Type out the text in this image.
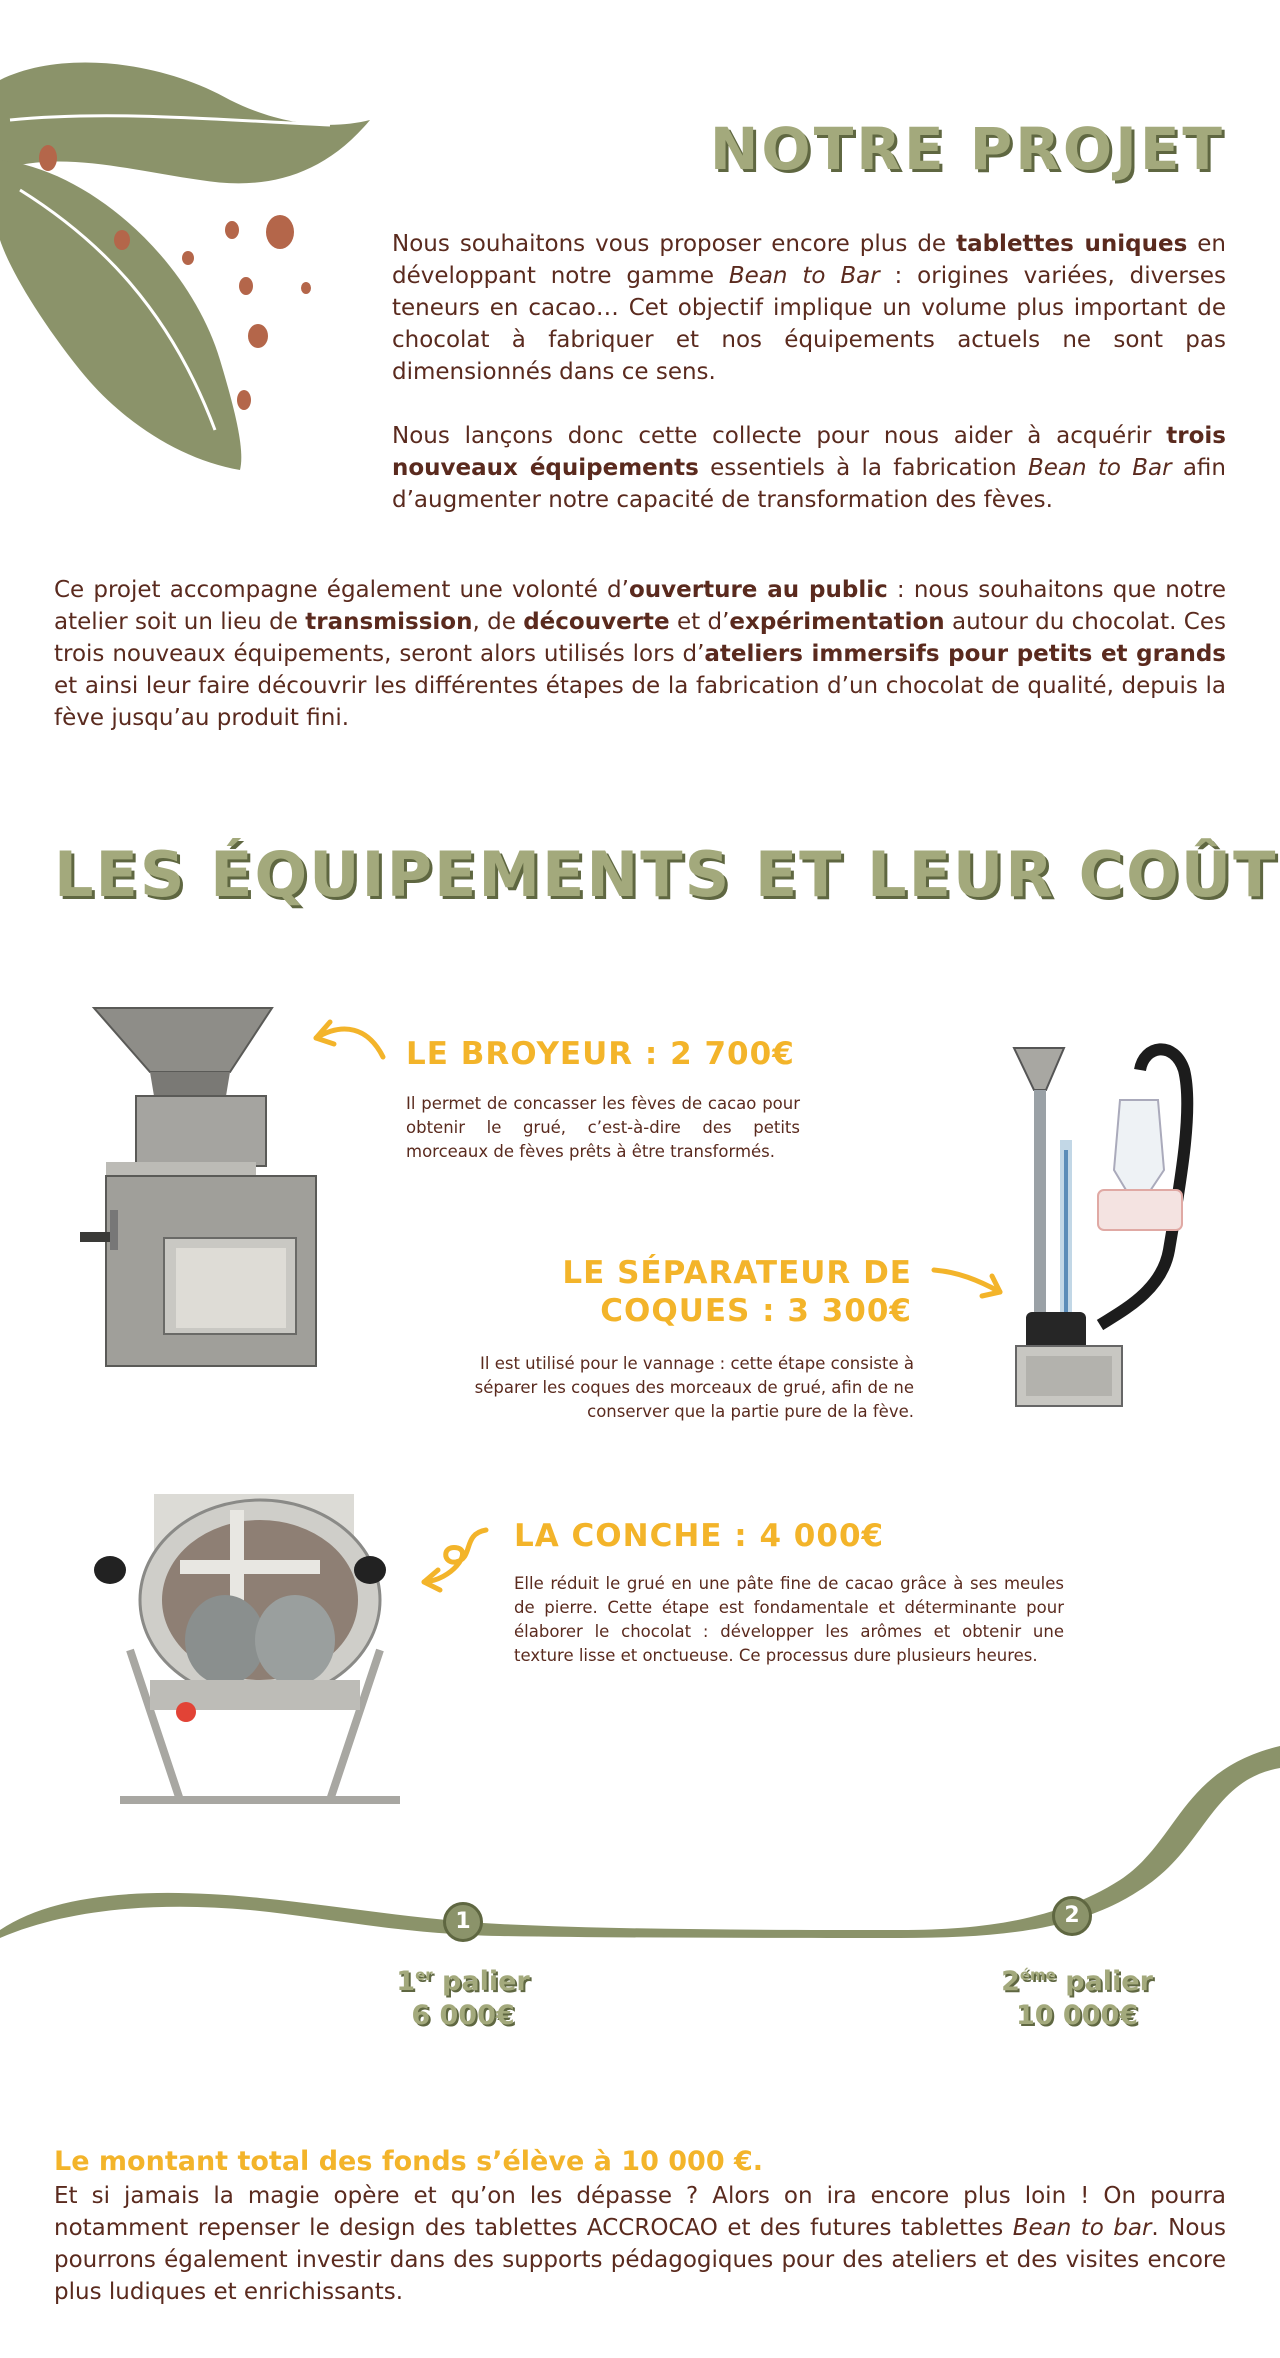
NOTRE PROJET

Nous souhaitons vous proposer encore plus de tablettes uniques en développant notre gamme Bean to Bar : origines variées, diverses teneurs en cacao… Cet objectif implique un volume plus important de chocolat à fabriquer et nos équipements actuels ne sont pas dimensionnés dans ce sens.

Nous lançons donc cette collecte pour nous aider à acquérir trois nouveaux équipements essentiels à la fabrication Bean to Bar afin d’augmenter notre capacité de transformation des fèves.

Ce projet accompagne également une volonté d’ouverture au public : nous souhaitons que notre atelier soit un lieu de transmission, de découverte et d’expérimentation autour du chocolat. Ces trois nouveaux équipements, seront alors utilisés lors d’ateliers immersifs pour petits et grands et ainsi leur faire découvrir les différentes étapes de la fabrication d’un chocolat de qualité, depuis la fève jusqu’au produit fini.

LES ÉQUIPEMENTS ET LEUR COÛT
LE BROYEUR : 2 700€

Il permet de concasser les fèves de cacao pour obtenir le grué, c’est-à-dire des petits morceaux de fèves prêts à être transformés.

LE SÉPARATEUR DE
COQUES : 3 300€

Il est utilisé pour le vannage : cette étape consiste à séparer les coques des morceaux de grué, afin de ne conserver que la partie pure de la fève.

LA CONCHE : 4 000€

Elle réduit le grué en une pâte fine de cacao grâce à ses meules de pierre. Cette étape est fondamentale et déterminante pour élaborer le chocolat : développer les arômes et obtenir une texture lisse et onctueuse. Ce processus dure plusieurs heures.

1	2
1er palier
6 000€
$2^{éme}$ palier
10 000€
Le montant total des fonds s’élève à 10 000 €.

Et si jamais la magie opère et qu’on les dépasse ? Alors on ira encore plus loin ! On pourra notamment repenser le design des tablettes ACCROCAO et des futures tablettes Bean to bar. Nous pourrons également investir dans des supports pédagogiques pour des ateliers et des visites encore plus ludiques et enrichissants.
